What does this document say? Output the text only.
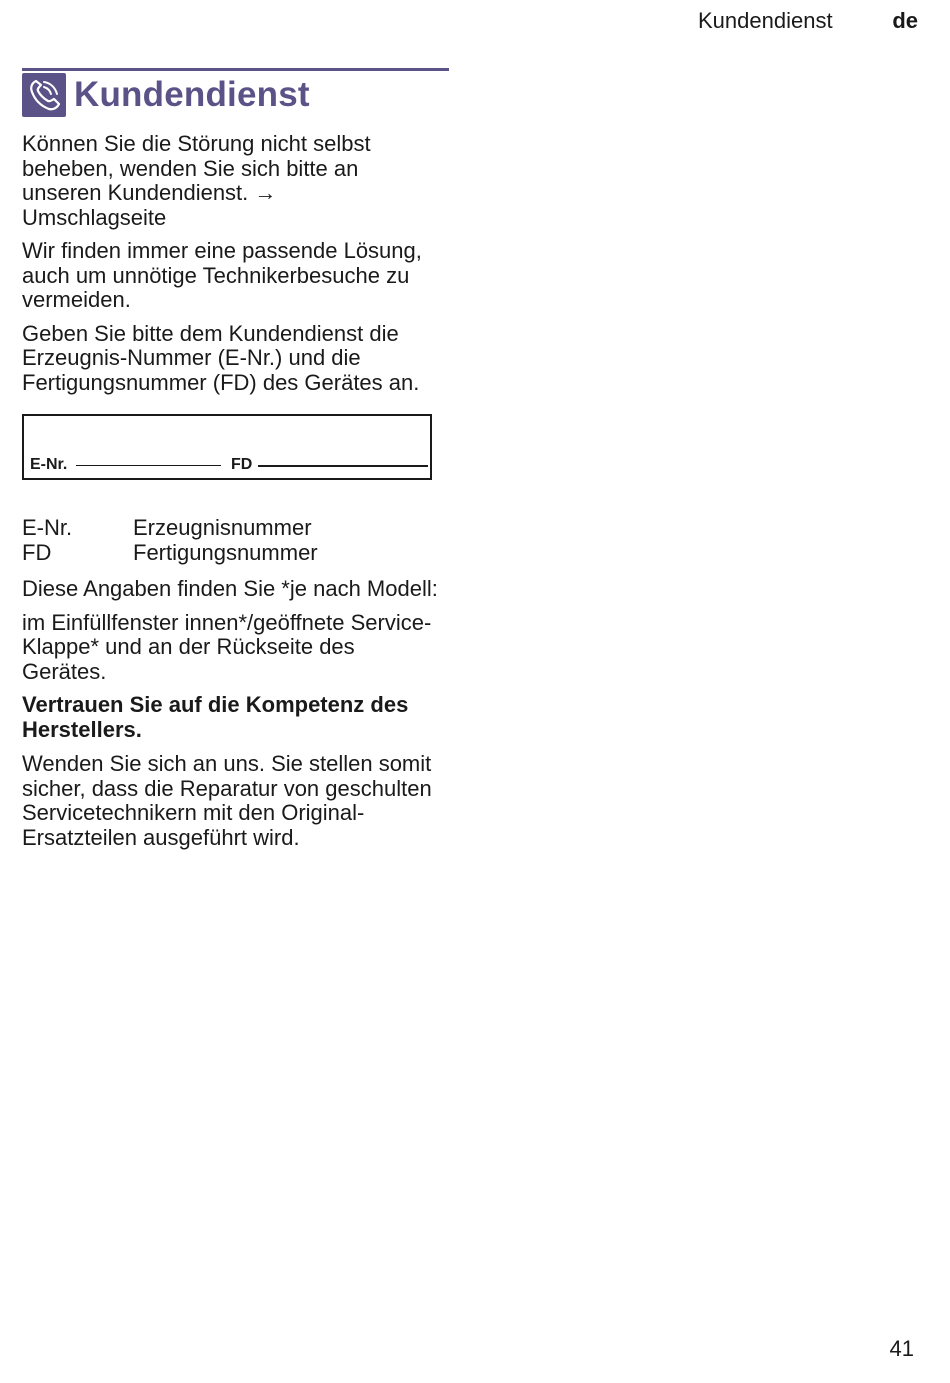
Kundendienst	de
Kundendienst

Können Sie die Störung nicht selbst beheben, wenden Sie sich bitte an unseren Kundendienst. →
Umschlagseite

Wir finden immer eine passende Lösung, auch um unnötige Technikerbesuche zu vermeiden.

Geben Sie bitte dem Kundendienst die Erzeugnis-Nummer (E-Nr.) und die Fertigungsnummer (FD) des Gerätes an.

E-Nr.	FD
E-Nr.	Erzeugnisnummer
FD	Fertigungsnummer

Diese Angaben finden Sie *je nach Modell:

im Einfüllfenster innen*/geöffnete Service-Klappe* und an der Rückseite des Gerätes.

Vertrauen Sie auf die Kompetenz des Herstellers.

Wenden Sie sich an uns. Sie stellen somit sicher, dass die Reparatur von geschulten Servicetechnikern mit den Original-Ersatzteilen ausgeführt wird.

41
